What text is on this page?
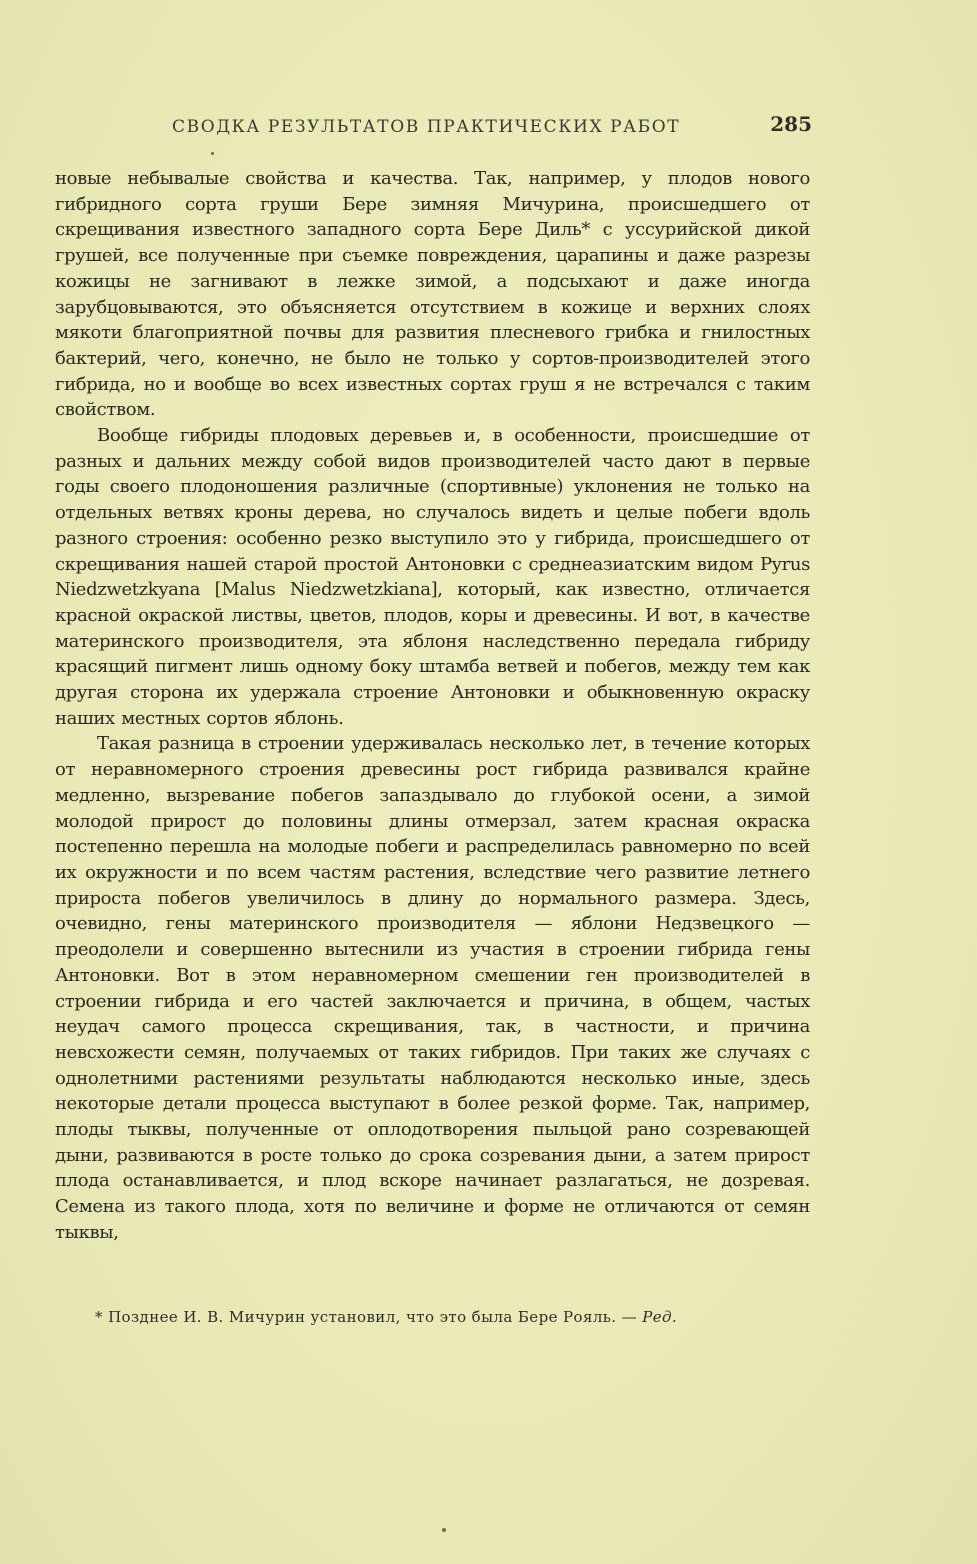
СВОДКА РЕЗУЛЬТАТОВ ПРАКТИЧЕСКИХ РАБОТ	285

новые небывалые свойства и качества. Так, например, у плодов нового гибридного сорта груши Бере зимняя Мичурина, происшедшего от скрещивания известного западного сорта Бере Диль* с уссурийской дикой грушей, все полученные при съемке повреждения, царапины и даже разрезы кожицы не загнивают в лежке зимой, а подсыхают и даже иногда зарубцовываются, это объясняется отсутствием в кожице и верхних слоях мякоти благоприятной почвы для развития плесневого грибка и гнилостных бактерий, чего, конечно, не было не только у сортов-производителей этого гибрида, но и вообще во всех известных сортах груш я не встречался с таким свойством.

Вообще гибриды плодовых деревьев и, в особенности, происшедшие от разных и дальних между собой видов производителей часто дают в первые годы своего плодоношения различные (спортивные) уклонения не только на отдельных ветвях кроны дерева, но случалось видеть и целые побеги вдоль разного строения: особенно резко выступило это у гибрида, происшедшего от скрещивания нашей старой простой Антоновки с среднеазиатским видом Pyrus Niedzwetzkyana [Malus Niedzwetzkiana], который, как известно, отличается красной окраской листвы, цветов, плодов, коры и древесины. И вот, в качестве материнского производителя, эта яблоня наследственно передала гибриду красящий пигмент лишь одному боку штамба ветвей и побегов, между тем как другая сторона их удержала строение Антоновки и обыкновенную окраску наших местных сортов яблонь.

Такая разница в строении удерживалась несколько лет, в течение которых от неравномерного строения древесины рост гибрида развивался крайне медленно, вызревание побегов запаздывало до глубокой осени, а зимой молодой прирост до половины длины отмерзал, затем красная окраска постепенно перешла на молодые побеги и распределилась равномерно по всей их окружности и по всем частям растения, вследствие чего развитие летнего прироста побегов увеличилось в длину до нормального размера. Здесь, очевидно, гены материнского производителя — яблони Недзвецкого — преодолели и совершенно вытеснили из участия в строении гибрида гены Антоновки. Вот в этом неравномерном смешении ген производителей в строении гибрида и его частей заключается и причина, в общем, частых неудач самого процесса скрещивания, так, в частности, и причина невсхожести семян, получаемых от таких гибридов. При таких же случаях с однолетними растениями результаты наблюдаются несколько иные, здесь некоторые детали процесса выступают в более резкой форме. Так, например, плоды тыквы, полученные от оплодотворения пыльцой рано созревающей дыни, развиваются в росте только до срока созревания дыни, а затем прирост плода останавливается, и плод вскоре начинает разлагаться, не дозревая. Семена из такого плода, хотя по величине и форме не отличаются от семян тыквы,

* Позднее И. В. Мичурин установил, что это была Бере Рояль. — Ред.
